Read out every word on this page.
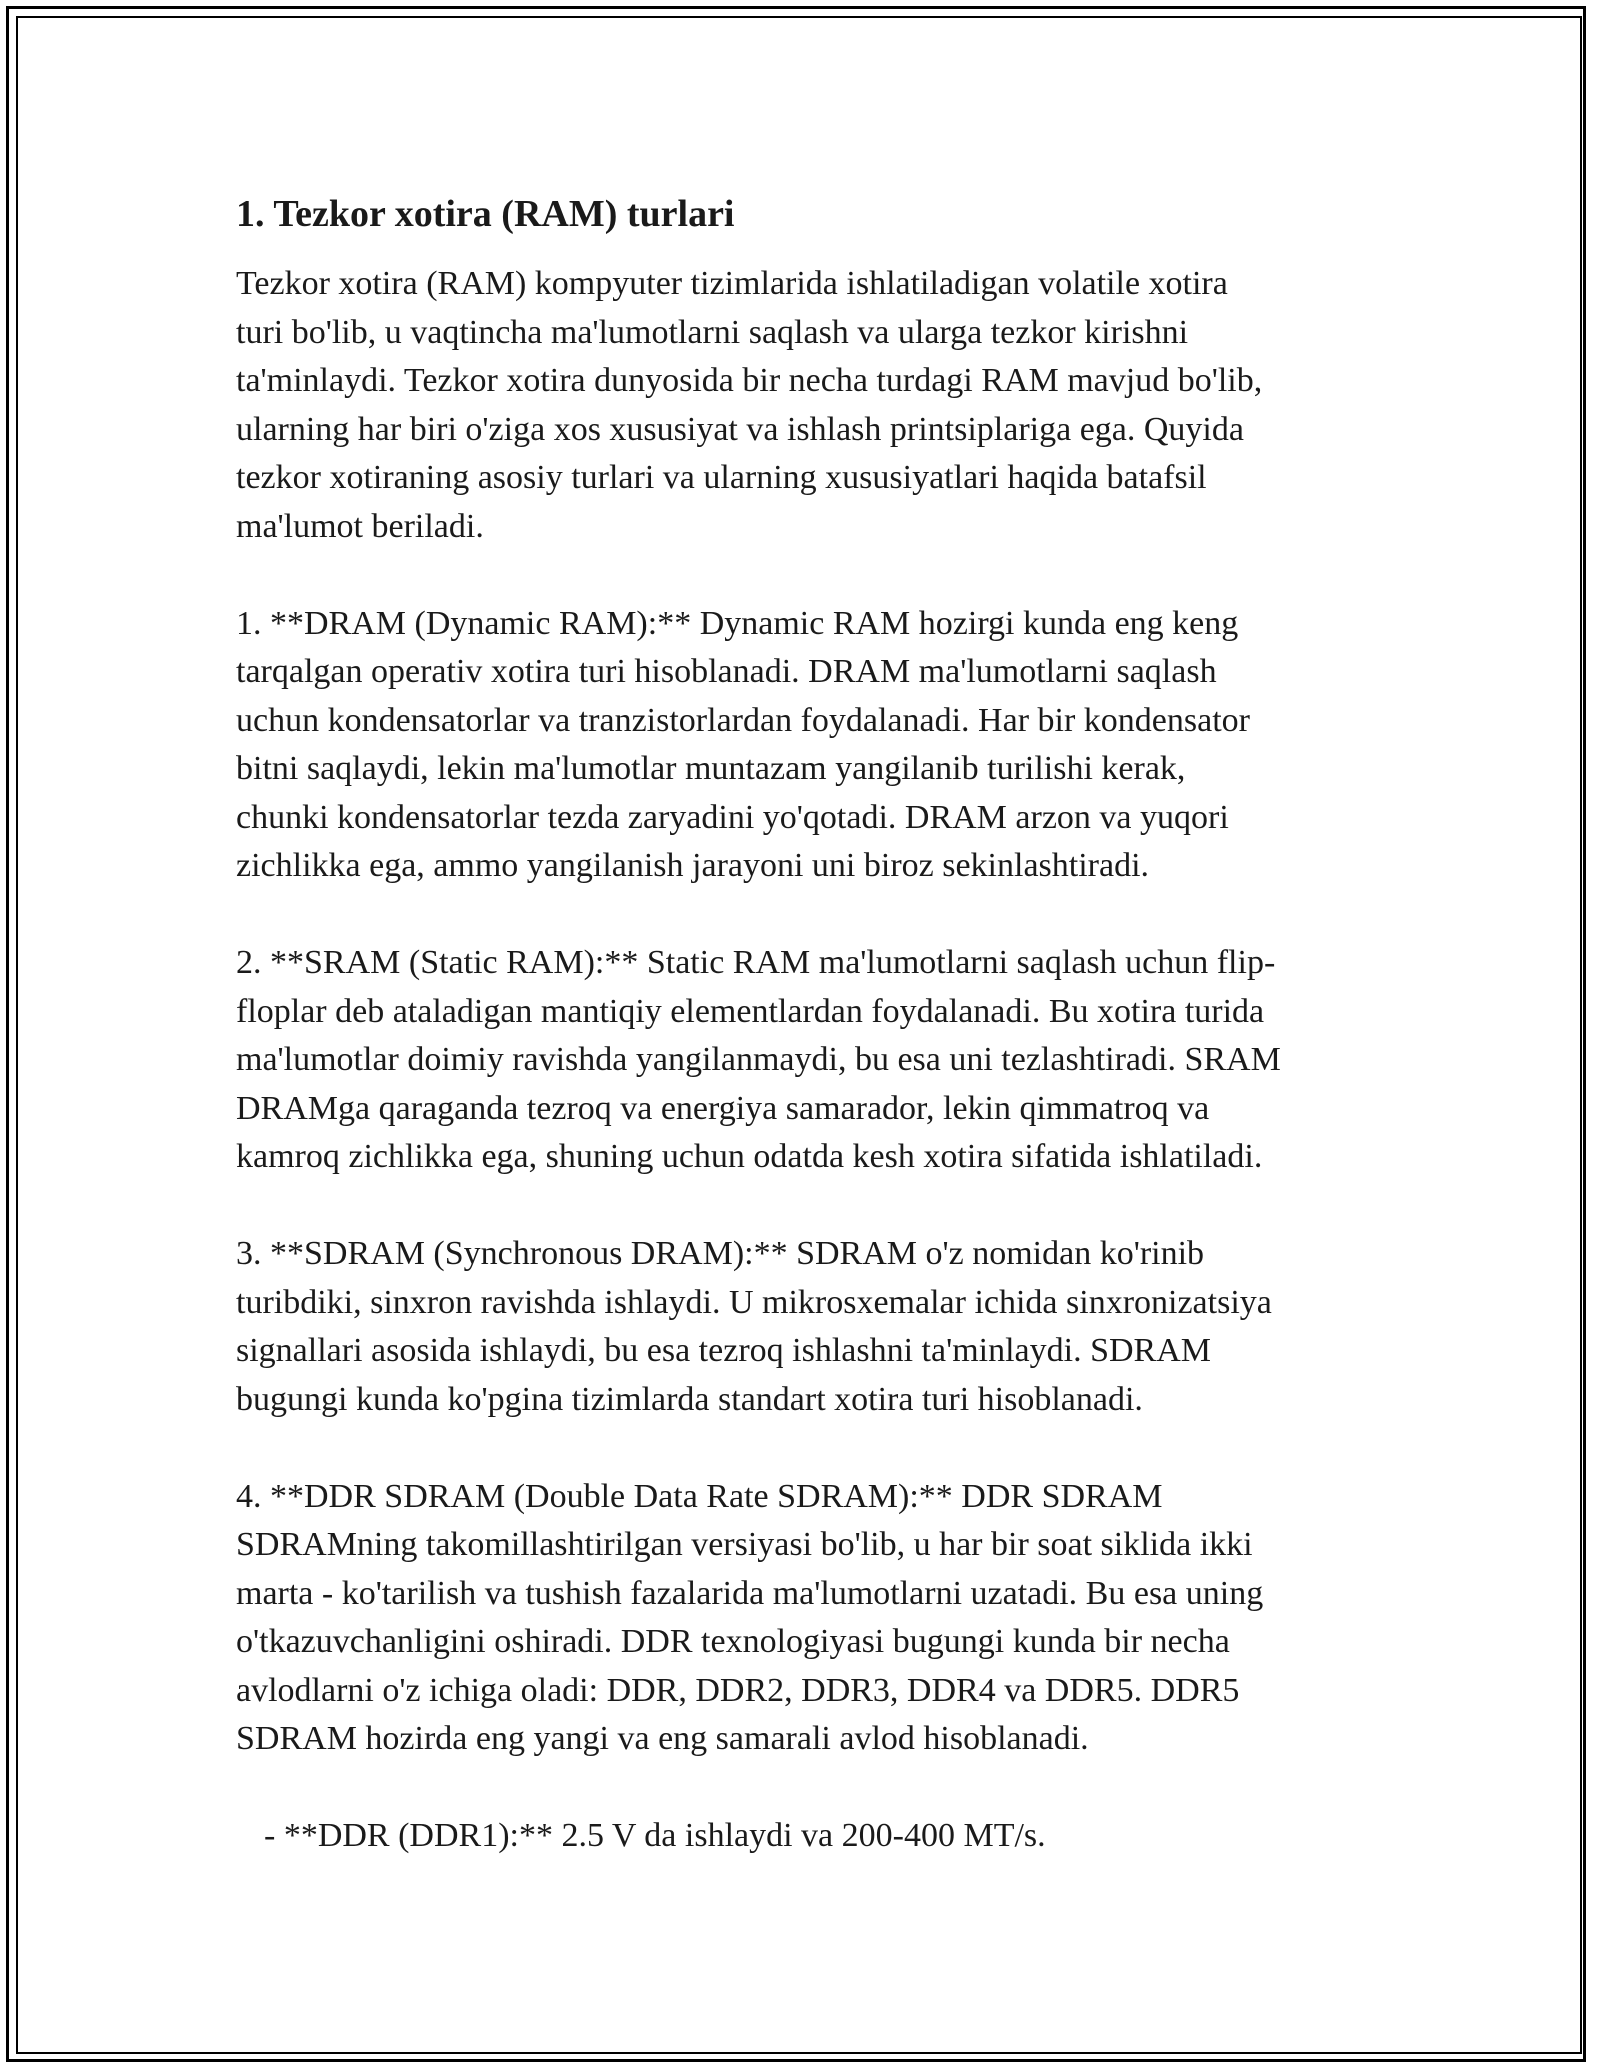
1. Tezkor xotira (RAM) turlari

Tezkor xotira (RAM) kompyuter tizimlarida ishlatiladigan volatile xotira
turi bo'lib, u vaqtincha ma'lumotlarni saqlash va ularga tezkor kirishni
ta'minlaydi. Tezkor xotira dunyosida bir necha turdagi RAM mavjud bo'lib,
ularning har biri o'ziga xos xususiyat va ishlash printsiplariga ega. Quyida
tezkor xotiraning asosiy turlari va ularning xususiyatlari haqida batafsil
ma'lumot beriladi.

1. **DRAM (Dynamic RAM):** Dynamic RAM hozirgi kunda eng keng
tarqalgan operativ xotira turi hisoblanadi. DRAM ma'lumotlarni saqlash
uchun kondensatorlar va tranzistorlardan foydalanadi. Har bir kondensator
bitni saqlaydi, lekin ma'lumotlar muntazam yangilanib turilishi kerak,
chunki kondensatorlar tezda zaryadini yo'qotadi. DRAM arzon va yuqori
zichlikka ega, ammo yangilanish jarayoni uni biroz sekinlashtiradi.

2. **SRAM (Static RAM):** Static RAM ma'lumotlarni saqlash uchun flip-
floplar deb ataladigan mantiqiy elementlardan foydalanadi. Bu xotira turida
ma'lumotlar doimiy ravishda yangilanmaydi, bu esa uni tezlashtiradi. SRAM
DRAMga qaraganda tezroq va energiya samarador, lekin qimmatroq va
kamroq zichlikka ega, shuning uchun odatda kesh xotira sifatida ishlatiladi.

3. **SDRAM (Synchronous DRAM):** SDRAM o'z nomidan ko'rinib
turibdiki, sinxron ravishda ishlaydi. U mikrosxemalar ichida sinxronizatsiya
signallari asosida ishlaydi, bu esa tezroq ishlashni ta'minlaydi. SDRAM
bugungi kunda ko'pgina tizimlarda standart xotira turi hisoblanadi.

4. **DDR SDRAM (Double Data Rate SDRAM):** DDR SDRAM
SDRAMning takomillashtirilgan versiyasi bo'lib, u har bir soat siklida ikki
marta - ko'tarilish va tushish fazalarida ma'lumotlarni uzatadi. Bu esa uning
o'tkazuvchanligini oshiradi. DDR texnologiyasi bugungi kunda bir necha
avlodlarni o'z ichiga oladi: DDR, DDR2, DDR3, DDR4 va DDR5. DDR5
SDRAM hozirda eng yangi va eng samarali avlod hisoblanadi.

- **DDR (DDR1):** 2.5 V da ishlaydi va 200-400 MT/s.
